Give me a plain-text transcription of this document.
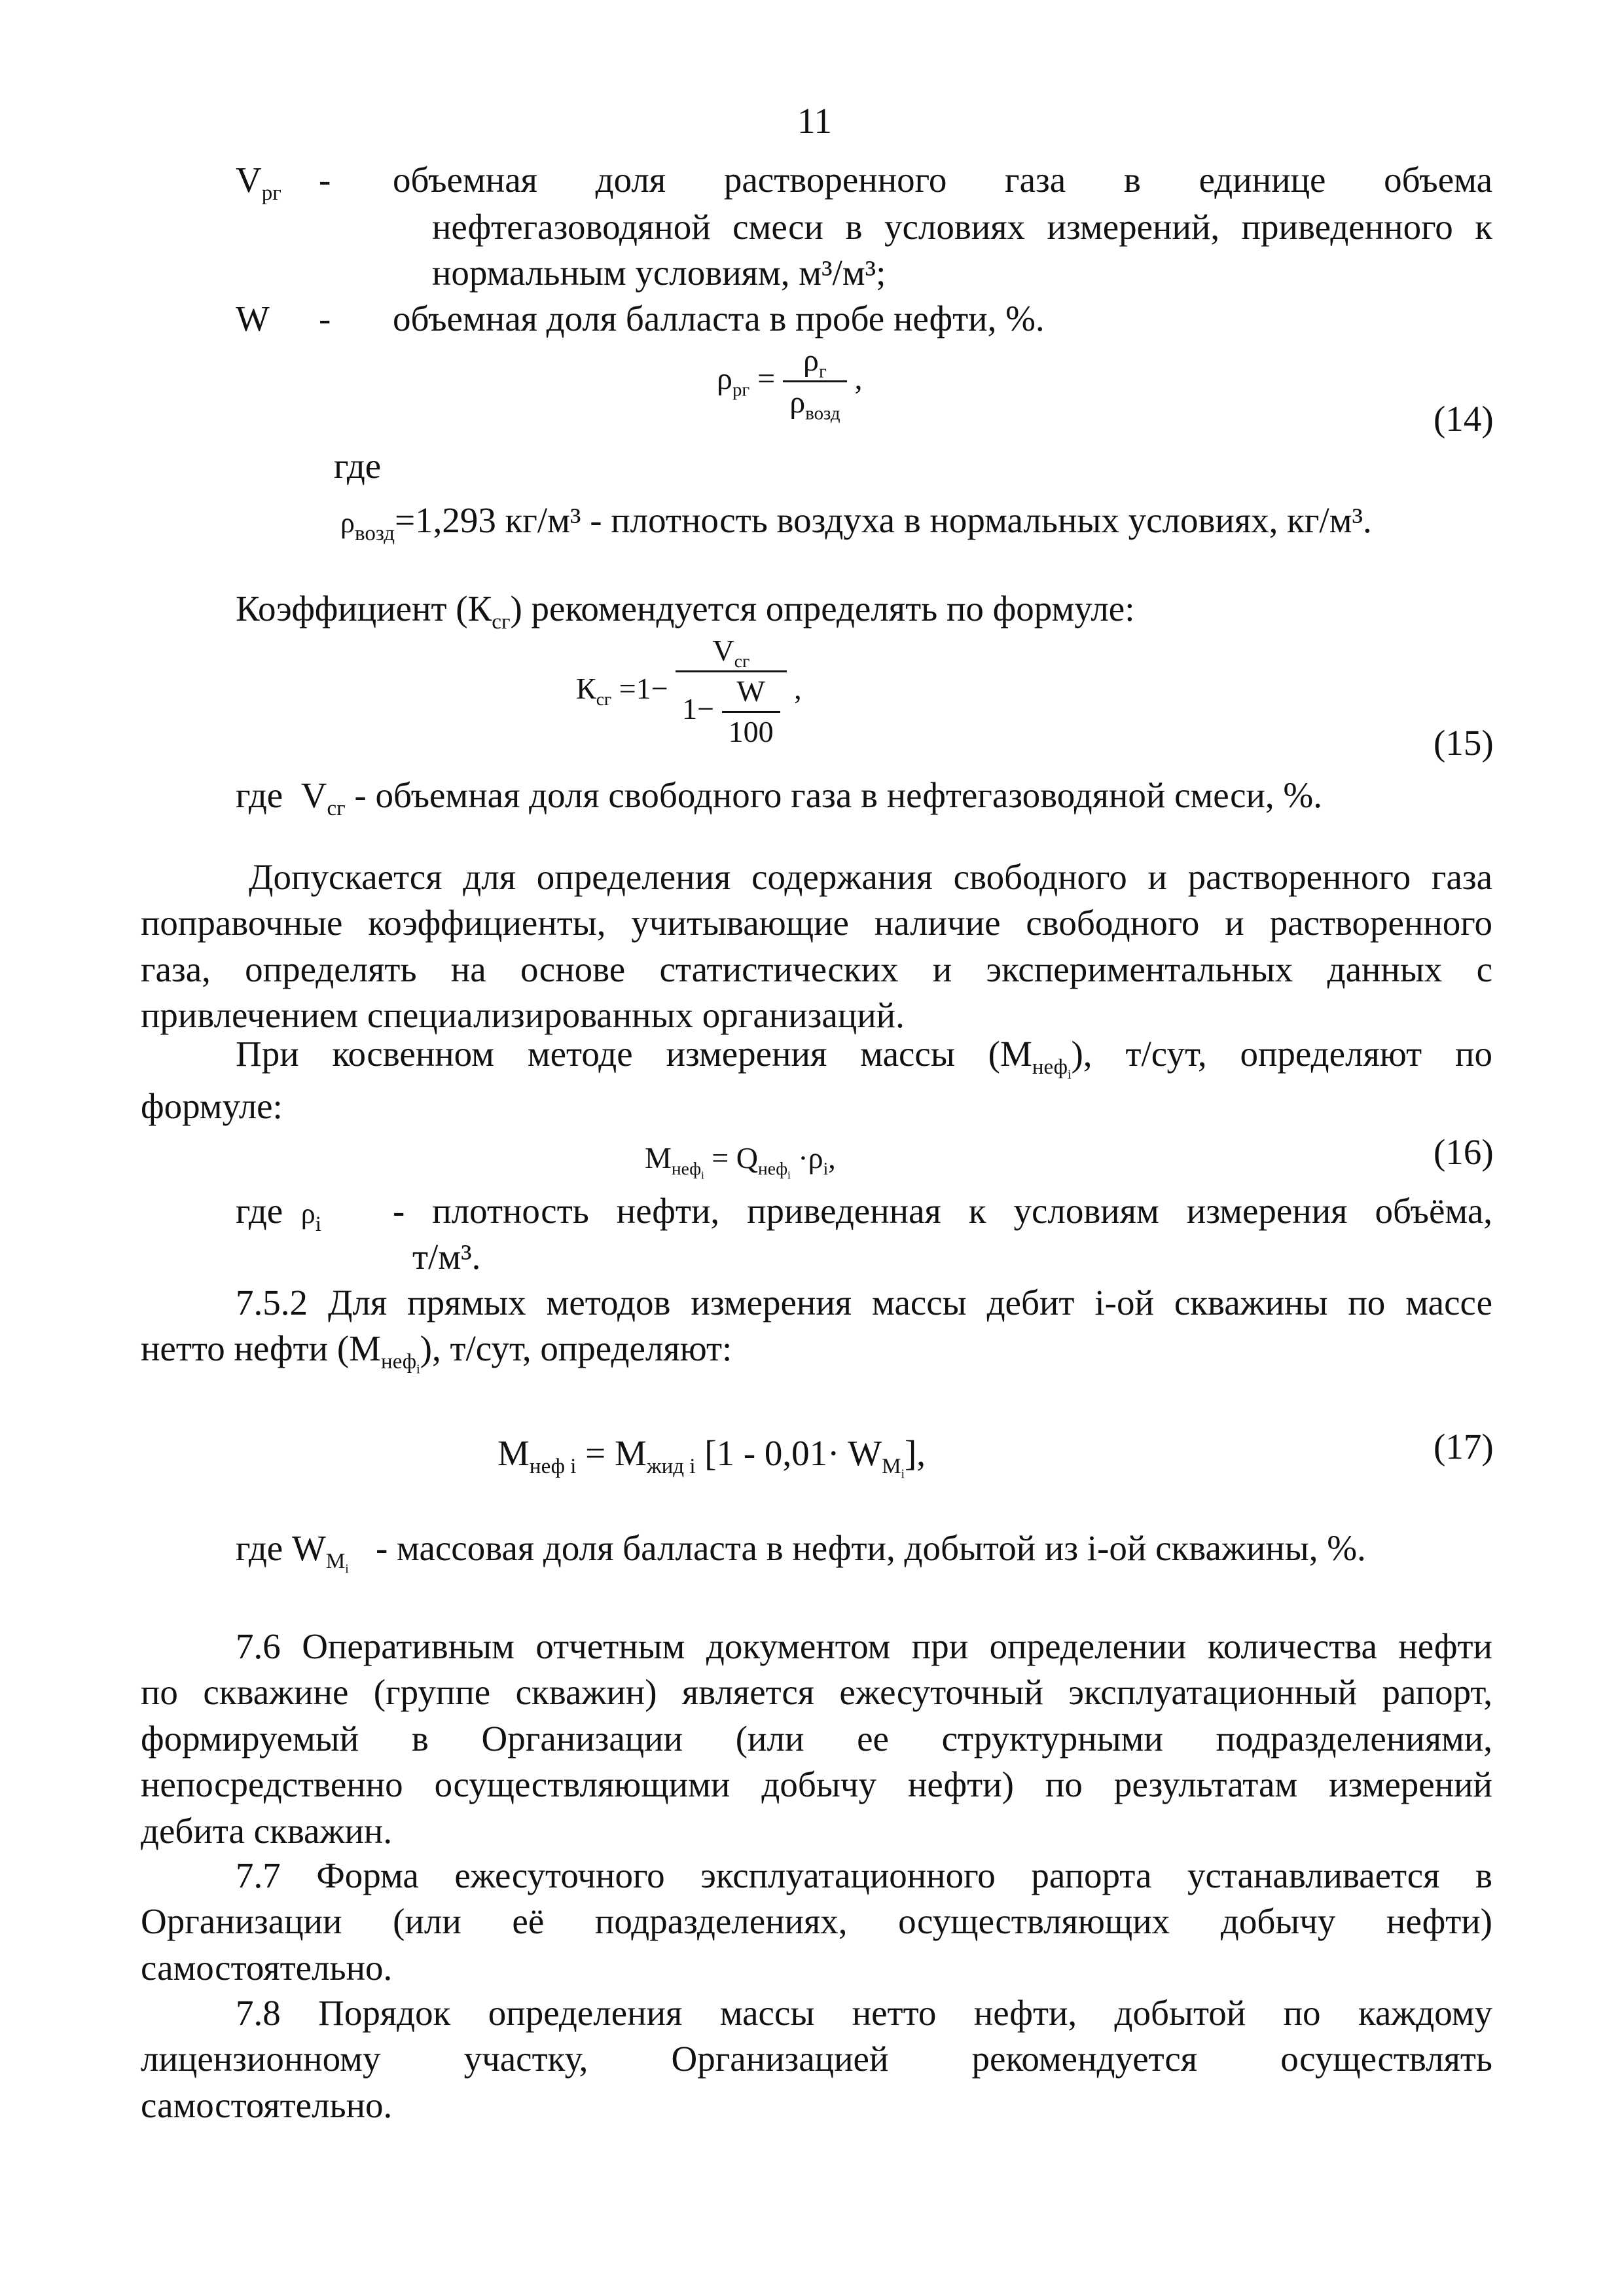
11
$V_{рг}$ - объемная доля растворенного газа в единице объема
нефтегазоводяной смеси в условиях измерений, приведенного к
нормальным условиям, м³/м³;
W - объемная доля балласта в пробе нефти, %.
$\rho_{рг} = \frac{\rho_г}{\rho_{возд}}$ ,
(14)
где
$\rho_{возд}=1,293$ кг/м³ - плотность воздуха в нормальных условиях, кг/м³.
Коэффициент $(К_{сг})$ рекомендуется определять по формуле:
$К_{сг} =1- \frac{V_{сг}}{1- \frac{W}{100}}$ ,
(15)
где $V_{сг}$ - объемная доля свободного газа в нефтегазоводяной смеси, %.
Допускается для определения содержания свободного и растворенного газа
поправочные коэффициенты, учитывающие наличие свободного и растворенного
газа, определять на основе статистических и экспериментальных данных с
привлечением специализированных организаций.
При косвенном методе измерения массы $(М_{неф_i})$, т/сут, определяют по
формуле:
$М_{неф_i} = Q_{неф_i} \cdot\rho_i$,	(16)
где $\rho_i$ - плотность нефти, приведенная к условиям измерения объёма,
т/м³.
7.5.2 Для прямых методов измерения массы дебит i-ой скважины по массе
нетто нефти $(М_{неф_i})$, т/сут, определяют:
$М_{неф i} = М_{жид i}$ $[1 - 0,01\cdot W_{M_i}]$,	(17)
где $W_{M_i}$   - массовая доля балласта в нефти, добытой из i-ой скважины, %.
7.6 Оперативным отчетным документом при определении количества нефти
по скважине (группе скважин) является ежесуточный эксплуатационный рапорт,
формируемый в Организации (или ее структурными подразделениями,
непосредственно осуществляющими добычу нефти) по результатам измерений
дебита скважин.
7.7 Форма ежесуточного эксплуатационного рапорта устанавливается в
Организации (или её подразделениях, осуществляющих добычу нефти)
самостоятельно.
7.8 Порядок определения массы нетто нефти, добытой по каждому
лицензионному участку, Организацией рекомендуется осуществлять
самостоятельно.
